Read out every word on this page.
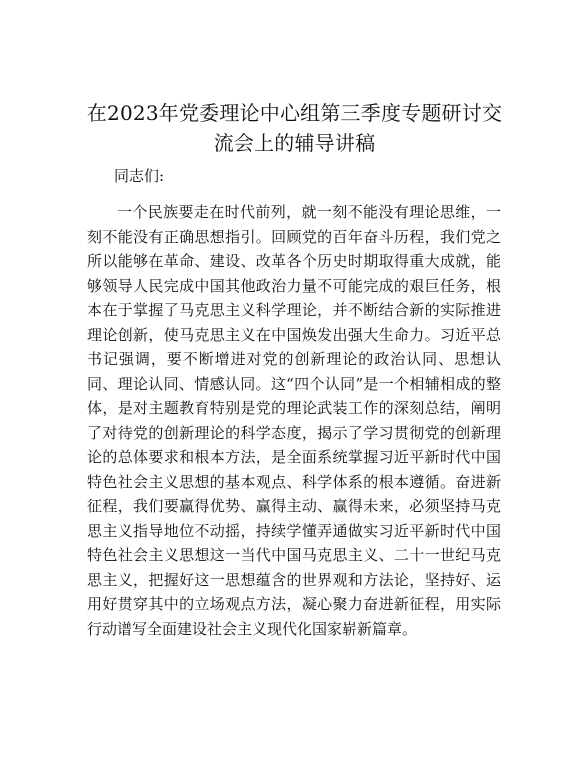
在2023年党委理论中心组第三季度专题研讨交流会上的辅导讲稿

同志们:

一个民族要走在时代前列，就一刻不能没有理论思维，一刻不能没有正确思想指引。回顾党的百年奋斗历程，我们党之所以能够在革命、建设、改革各个历史时期取得重大成就，能够领导人民完成中国其他政治力量不可能完成的艰巨任务，根本在于掌握了马克思主义科学理论，并不断结合新的实际推进理论创新，使马克思主义在中国焕发出强大生命力。习近平总书记强调，要不断增进对党的创新理论的政治认同、思想认同、理论认同、情感认同。这“四个认同”是一个相辅相成的整体，是对主题教育特别是党的理论武装工作的深刻总结，阐明了对待党的创新理论的科学态度，揭示了学习贯彻党的创新理论的总体要求和根本方法，是全面系统掌握习近平新时代中国特色社会主义思想的基本观点、科学体系的根本遵循。奋进新征程，我们要赢得优势、赢得主动、赢得未来，必须坚持马克思主义指导地位不动摇，持续学懂弄通做实习近平新时代中国特色社会主义思想这一当代中国马克思主义、二十一世纪马克思主义，把握好这一思想蕴含的世界观和方法论，坚持好、运用好贯穿其中的立场观点方法，凝心聚力奋进新征程，用实际行动谱写全面建设社会主义现代化国家崭新篇章。
